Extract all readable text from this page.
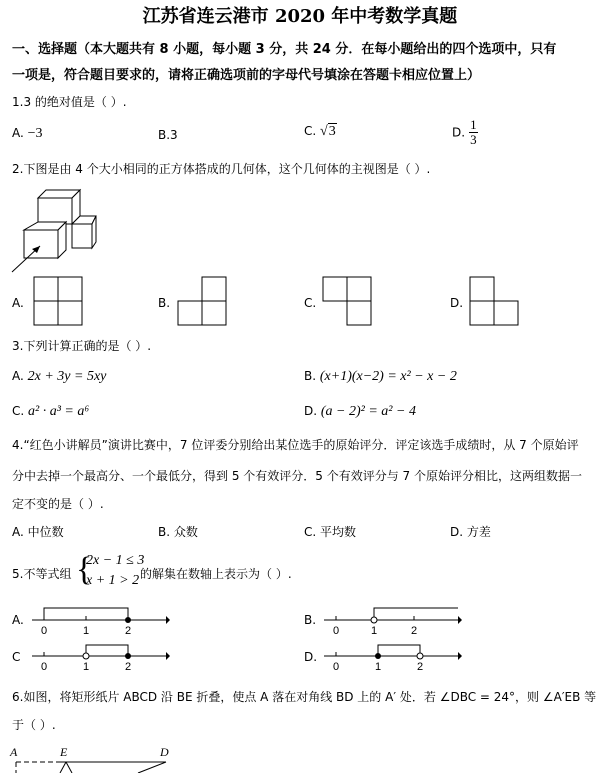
江苏省连云港市 2020 年中考数学真题
一、选择题（本大题共有 8 小题，每小题 3 分，共 24 分．在每小题给出的四个选项中，只有
一项是，符合题目要求的，请将正确选项前的字母代号填涂在答题卡相应位置上）
1.3 的绝对值是（ ）.
A. −3	B.3	C. √3	D. $\frac{1}{3}$
2.下图是由 4 个大小相同的正方体搭成的几何体，这个几何体的主视图是（ ）.
A.	B.	C.	D.
3.下列计算正确的是（ ）.
A. 2x + 3y = 5xy	B. (x+1)(x−2) = x² − x − 2
C. a² · a³ = a⁶	D. (a − 2)² = a² − 4
4.“红色小讲解员”演讲比赛中，7 位评委分别给出某位选手的原始评分．评定该选手成绩时，从 7 个原始评
分中去掉一个最高分、一个最低分，得到 5 个有效评分．5 个有效评分与 7 个原始评分相比，这两组数据一
定不变的是（ ）.
A. 中位数	B. 众数	C. 平均数	D. 方差
5.不等式组 {
2x − 1 ≤ 3
x + 1 > 2 的解集在数轴上表示为（ ）.
A.
0	1	2
B.
0	1	2
C
0	1	2
D.
0	1	2
6.如图，将矩形纸片 ABCD 沿 BE 折叠，使点 A 落在对角线 BD 上的 A′ 处．若 ∠DBC = 24°，则 ∠A′EB 等
于（ ）.
A	E	D
